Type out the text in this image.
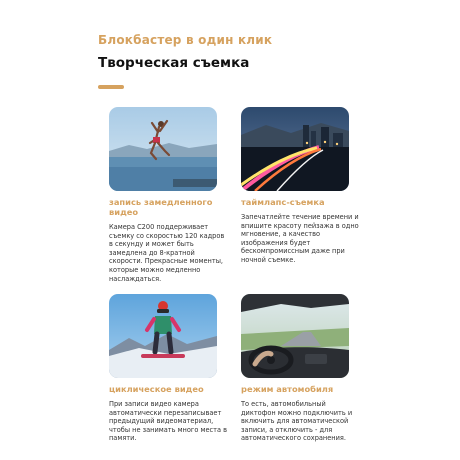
Блокбастер в один клик
Творческая съемка
запись замедленного видео
Камера C200 поддерживает съемку со скоростью 120 кадров в секунду и может быть замедлена до 8-кратной скорости. Прекрасные моменты, которые можно медленно наслаждаться.
таймлапс-съемка
Запечатлейте течение времени и впишите красоту пейзажа в одно мгновение, а качество изображения будет бескомпромиссным даже при ночной съемке.
циклическое видео
При записи видео камера автоматически перезаписывает предыдущий видеоматериал, чтобы не занимать много места в памяти.
режим автомобиля
То есть, автомобильный диктофон можно подключить и включить для автоматической записи, а отключить - для автоматического сохранения.
